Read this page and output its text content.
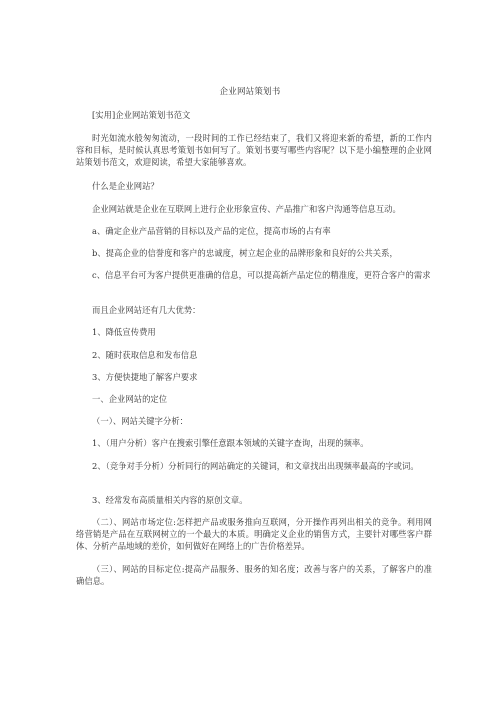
企业网站策划书
[实用]企业网站策划书范文
时光如流水般匆匆流动，一段时间的工作已经结束了，我们又将迎来新的希望，新的工作内容和目标，是时候认真思考策划书如何写了。策划书要写哪些内容呢？以下是小编整理的企业网站策划书范文，欢迎阅读，希望大家能够喜欢。
什么是企业网站？
企业网站就是企业在互联网上进行企业形象宣传、产品推广和客户沟通等信息互动。
a、确定企业产品营销的目标以及产品的定位，提高市场的占有率
b、提高企业的信誉度和客户的忠诚度，树立起企业的品牌形象和良好的公共关系，
c、信息平台可为客户提供更准确的信息，可以提高新产品定位的精准度，更符合客户的需求
而且企业网站还有几大优势：
1、降低宣传费用
2、随时获取信息和发布信息
3、方便快捷地了解客户要求
一、企业网站的定位
（一）、网站关键字分析：
1、（用户分析）客户在搜索引擎任意跟本领域的关键字查询，出现的频率。
2、（竞争对手分析）分析同行的网站确定的关键词，和文章找出出现频率最高的字或词。
3、经常发布高质量相关内容的原创文章。
（二）、网站市场定位:怎样把产品或服务推向互联网，分开操作再列出相关的竞争。利用网络营销是产品在互联网树立的一个最大的本质。明确定义企业的销售方式，主要针对哪些客户群体、分析产品地域的差价，如何做好在网络上的广告价格差异。
（三）、网站的目标定位:提高产品服务、服务的知名度；改善与客户的关系，了解客户的准确信息。
